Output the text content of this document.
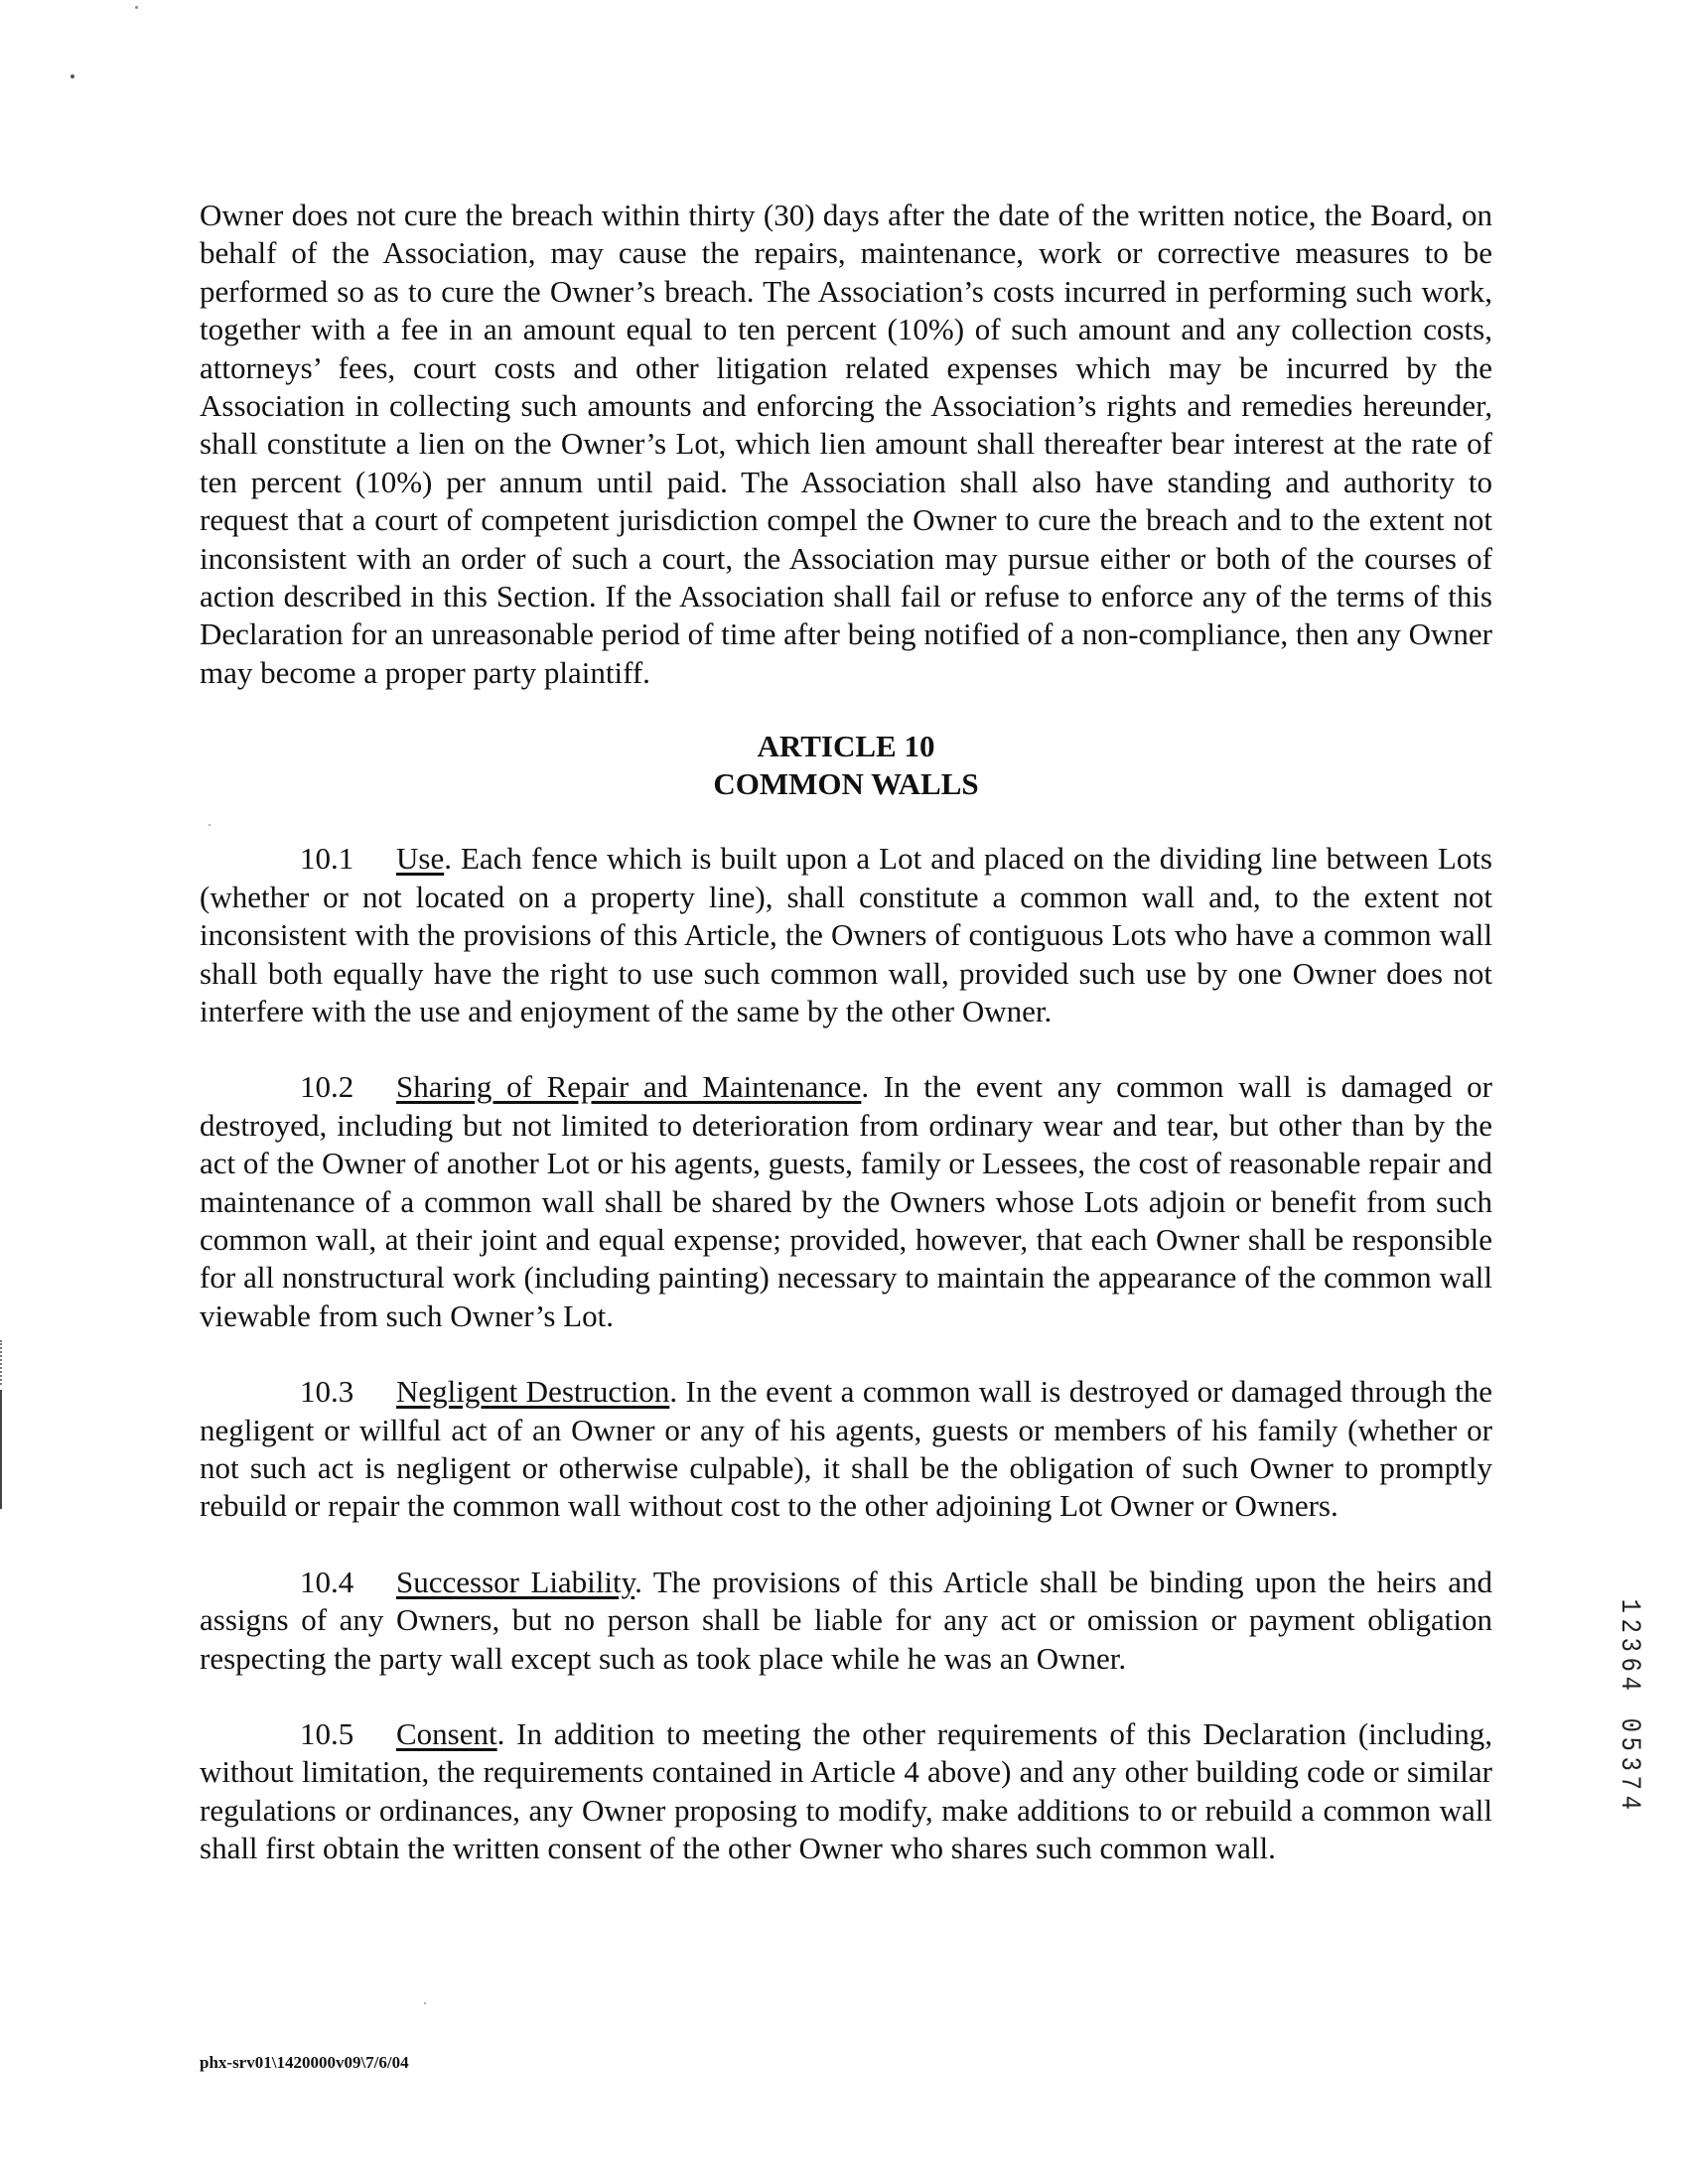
Owner does not cure the breach within thirty (30) days after the date of the written notice, the Board, on behalf of the Association, may cause the repairs, maintenance, work or corrective measures to be performed so as to cure the Owner’s breach. The Association’s costs incurred in performing such work, together with a fee in an amount equal to ten percent (10%) of such amount and any collection costs, attorneys’ fees, court costs and other litigation related expenses which may be incurred by the Association in collecting such amounts and enforcing the Association’s rights and remedies hereunder, shall constitute a lien on the Owner’s Lot, which lien amount shall thereafter bear interest at the rate of ten percent (10%) per annum until paid. The Association shall also have standing and authority to request that a court of competent jurisdiction compel the Owner to cure the breach and to the extent not inconsistent with an order of such a court, the Association may pursue either or both of the courses of action described in this Section. If the Association shall fail or refuse to enforce any of the terms of this Declaration for an unreasonable period of time after being notified of a non-compliance, then any Owner may become a proper party plaintiff.

ARTICLE 10
COMMON WALLS

10.1 Use. Each fence which is built upon a Lot and placed on the dividing line between Lots (whether or not located on a property line), shall constitute a common wall and, to the extent not inconsistent with the provisions of this Article, the Owners of contiguous Lots who have a common wall shall both equally have the right to use such common wall, provided such use by one Owner does not interfere with the use and enjoyment of the same by the other Owner.

10.2 Sharing of Repair and Maintenance. In the event any common wall is damaged or destroyed, including but not limited to deterioration from ordinary wear and tear, but other than by the act of the Owner of another Lot or his agents, guests, family or Lessees, the cost of reasonable repair and maintenance of a common wall shall be shared by the Owners whose Lots adjoin or benefit from such common wall, at their joint and equal expense; provided, however, that each Owner shall be responsible for all nonstructural work (including painting) necessary to maintain the appearance of the common wall viewable from such Owner’s Lot.

10.3 Negligent Destruction. In the event a common wall is destroyed or damaged through the negligent or willful act of an Owner or any of his agents, guests or members of his family (whether or not such act is negligent or otherwise culpable), it shall be the obligation of such Owner to promptly rebuild or repair the common wall without cost to the other adjoining Lot Owner or Owners.

10.4 Successor Liability. The provisions of this Article shall be binding upon the heirs and assigns of any Owners, but no person shall be liable for any act or omission or payment obligation respecting the party wall except such as took place while he was an Owner.

10.5 Consent. In addition to meeting the other requirements of this Declaration (including, without limitation, the requirements contained in Article 4 above) and any other building code or similar regulations or ordinances, any Owner proposing to modify, make additions to or rebuild a common wall shall first obtain the written consent of the other Owner who shares such common wall.

1
2
3
6
4
0
5
3
7
4
phx-srv01\1420000v09\7/6/04
